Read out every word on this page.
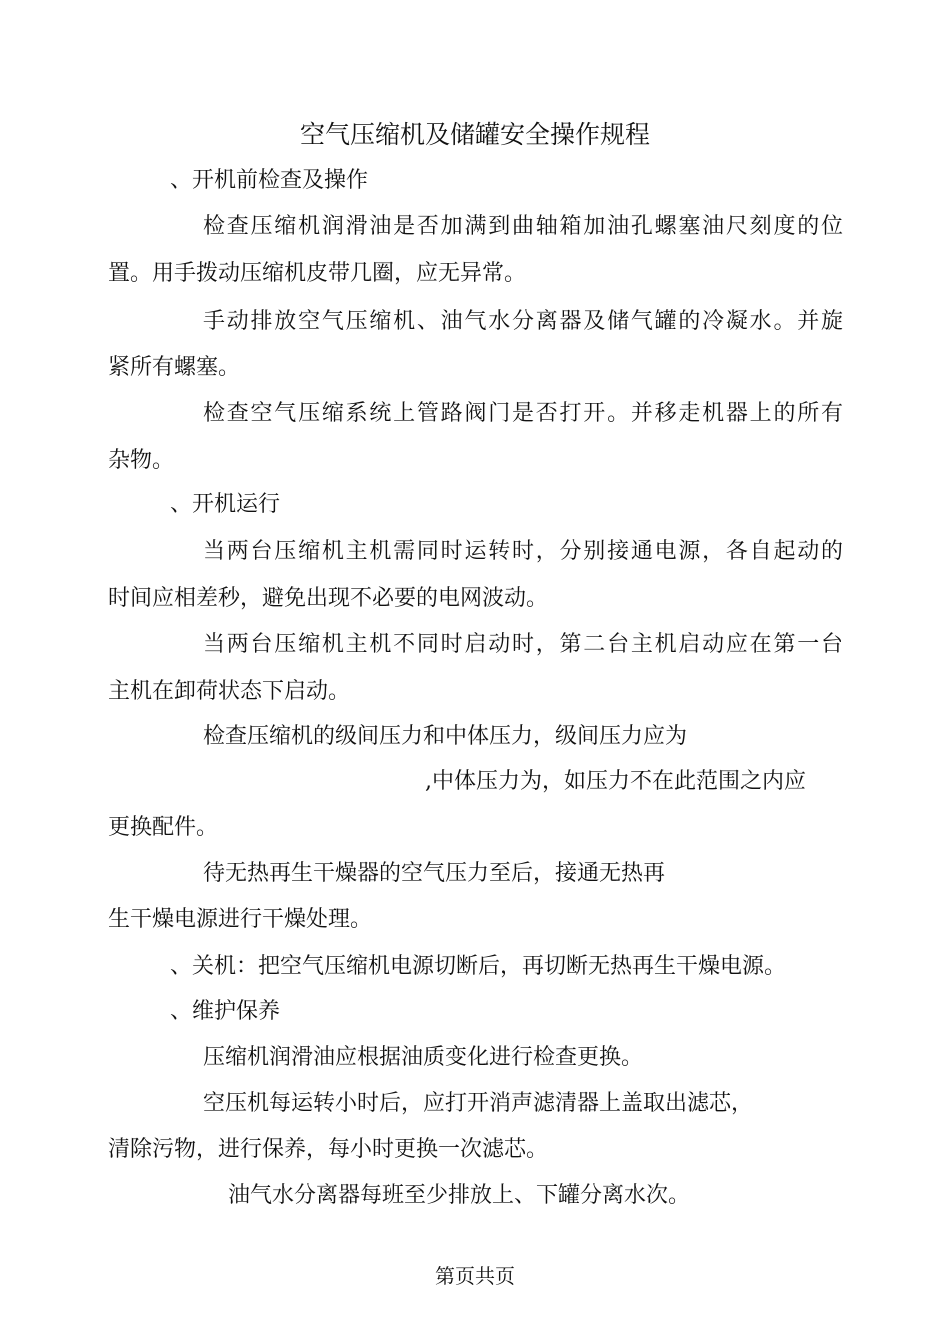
空气压缩机及储罐安全操作规程

、开机前检查及操作

检查压缩机润滑油是否加满到曲轴箱加油孔螺塞油尺刻度的位

置。用手拨动压缩机皮带几圈，应无异常。

手动排放空气压缩机、油气水分离器及储气罐的冷凝水。并旋

紧所有螺塞。

检查空气压缩系统上管路阀门是否打开。并移走机器上的所有

杂物。

、开机运行

当两台压缩机主机需同时运转时，分别接通电源，各自起动的

时间应相差秒，避免出现不必要的电网波动。

当两台压缩机主机不同时启动时，第二台主机启动应在第一台

主机在卸荷状态下启动。

检查压缩机的级间压力和中体压力，级间压力应为

,中体压力为，如压力不在此范围之内应

更换配件。

待无热再生干燥器的空气压力至后，接通无热再

生干燥电源进行干燥处理。

、关机：把空气压缩机电源切断后，再切断无热再生干燥电源。

、维护保养

压缩机润滑油应根据油质变化进行检查更换。

空压机每运转小时后，应打开消声滤清器上盖取出滤芯，

清除污物，进行保养，每小时更换一次滤芯。

油气水分离器每班至少排放上、下罐分离水次。

第页共页
